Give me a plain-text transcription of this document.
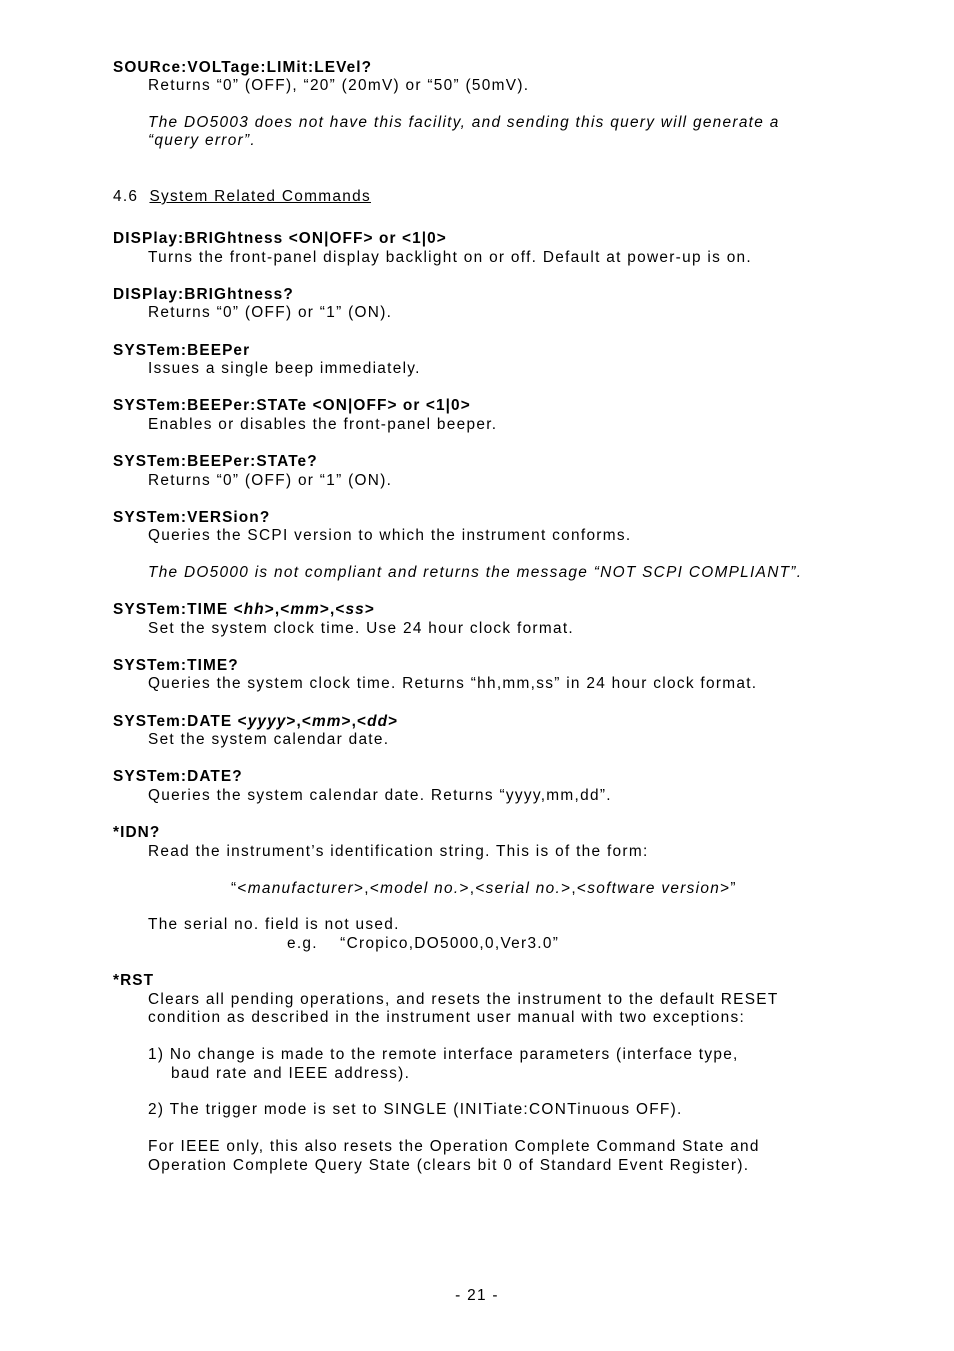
SOURce:VOLTage:LIMit:LEVel?
Returns “0” (OFF), “20” (20mV) or “50” (50mV).
The DO5003 does not have this facility, and sending this query will generate a
“query error”.
4.6 System Related Commands
DISPlay:BRIGhtness <ON|OFF> or <1|0>
Turns the front-panel display backlight on or off. Default at power-up is on.
DISPlay:BRIGhtness?
Returns “0” (OFF) or “1” (ON).
SYSTem:BEEPer
Issues a single beep immediately.
SYSTem:BEEPer:STATe <ON|OFF> or <1|0>
Enables or disables the front-panel beeper.
SYSTem:BEEPer:STATe?
Returns “0” (OFF) or “1” (ON).
SYSTem:VERSion?
Queries the SCPI version to which the instrument conforms.
The DO5000 is not compliant and returns the message “NOT SCPI COMPLIANT”.
SYSTem:TIME <hh>,<mm>,<ss>
Set the system clock time. Use 24 hour clock format.
SYSTem:TIME?
Queries the system clock time. Returns “hh,mm,ss” in 24 hour clock format.
SYSTem:DATE <yyyy>,<mm>,<dd>
Set the system calendar date.
SYSTem:DATE?
Queries the system calendar date. Returns “yyyy,mm,dd”.
*IDN?
Read the instrument’s identification string. This is of the form:
“<manufacturer>,<model no.>,<serial no.>,<software version>”
The serial no. field is not used.
e.g.    “Cropico,DO5000,0,Ver3.0”
*RST
Clears all pending operations, and resets the instrument to the default RESET
condition as described in the instrument user manual with two exceptions:
1) No change is made to the remote interface parameters (interface type,
baud rate and IEEE address).
2) The trigger mode is set to SINGLE (INITiate:CONTinuous OFF).
For IEEE only, this also resets the Operation Complete Command State and
Operation Complete Query State (clears bit 0 of Standard Event Register).
- 21 -
